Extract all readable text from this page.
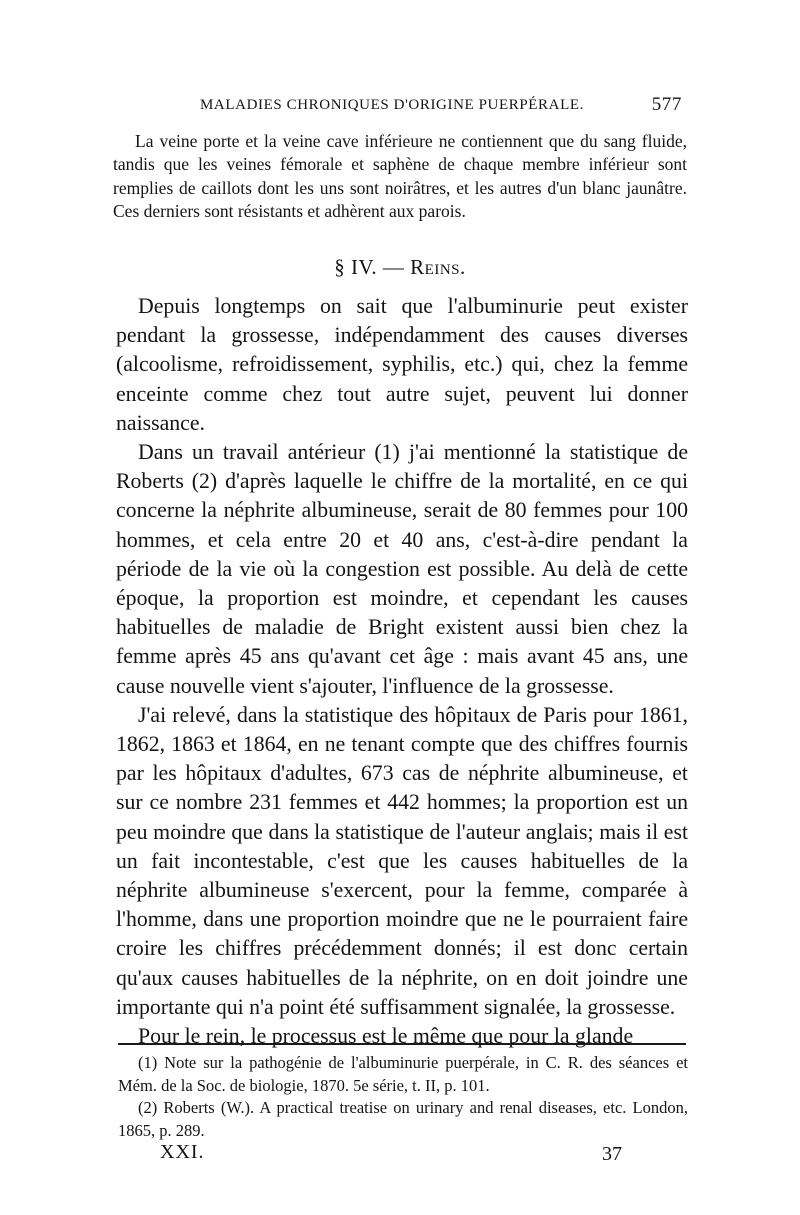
MALADIES CHRONIQUES D'ORIGINE PUERPÉRALE.	577

La veine porte et la veine cave inférieure ne contiennent que du sang fluide, tandis que les veines fémorale et saphène de chaque membre inférieur sont remplies de caillots dont les uns sont noirâtres, et les autres d'un blanc jaunâtre. Ces derniers sont résistants et adhèrent aux parois.

§ IV. — Reins.

Depuis longtemps on sait que l'albuminurie peut exister pendant la grossesse, indépendamment des causes diverses (alcoolisme, refroidissement, syphilis, etc.) qui, chez la femme enceinte comme chez tout autre sujet, peuvent lui donner naissance.

Dans un travail antérieur (1) j'ai mentionné la statistique de Roberts (2) d'après laquelle le chiffre de la mortalité, en ce qui concerne la néphrite albumineuse, serait de 80 femmes pour 100 hommes, et cela entre 20 et 40 ans, c'est-à-dire pendant la période de la vie où la congestion est possible. Au delà de cette époque, la proportion est moindre, et cependant les causes habituelles de maladie de Bright existent aussi bien chez la femme après 45 ans qu'avant cet âge : mais avant 45 ans, une cause nouvelle vient s'ajouter, l'influence de la grossesse.

J'ai relevé, dans la statistique des hôpitaux de Paris pour 1861, 1862, 1863 et 1864, en ne tenant compte que des chiffres fournis par les hôpitaux d'adultes, 673 cas de néphrite albumineuse, et sur ce nombre 231 femmes et 442 hommes; la proportion est un peu moindre que dans la statistique de l'auteur anglais; mais il est un fait incontestable, c'est que les causes habituelles de la néphrite albumineuse s'exercent, pour la femme, comparée à l'homme, dans une proportion moindre que ne le pourraient faire croire les chiffres précédemment donnés; il est donc certain qu'aux causes habituelles de la néphrite, on en doit joindre une importante qui n'a point été suffisamment signalée, la grossesse.

Pour le rein, le processus est le même que pour la glande

(1) Note sur la pathogénie de l'albuminurie puerpérale, in C. R. des séances et Mém. de la Soc. de biologie, 1870. 5e série, t. II, p. 101.

(2) Roberts (W.). A practical treatise on urinary and renal diseases, etc. London, 1865, p. 289.

XXI.	37
